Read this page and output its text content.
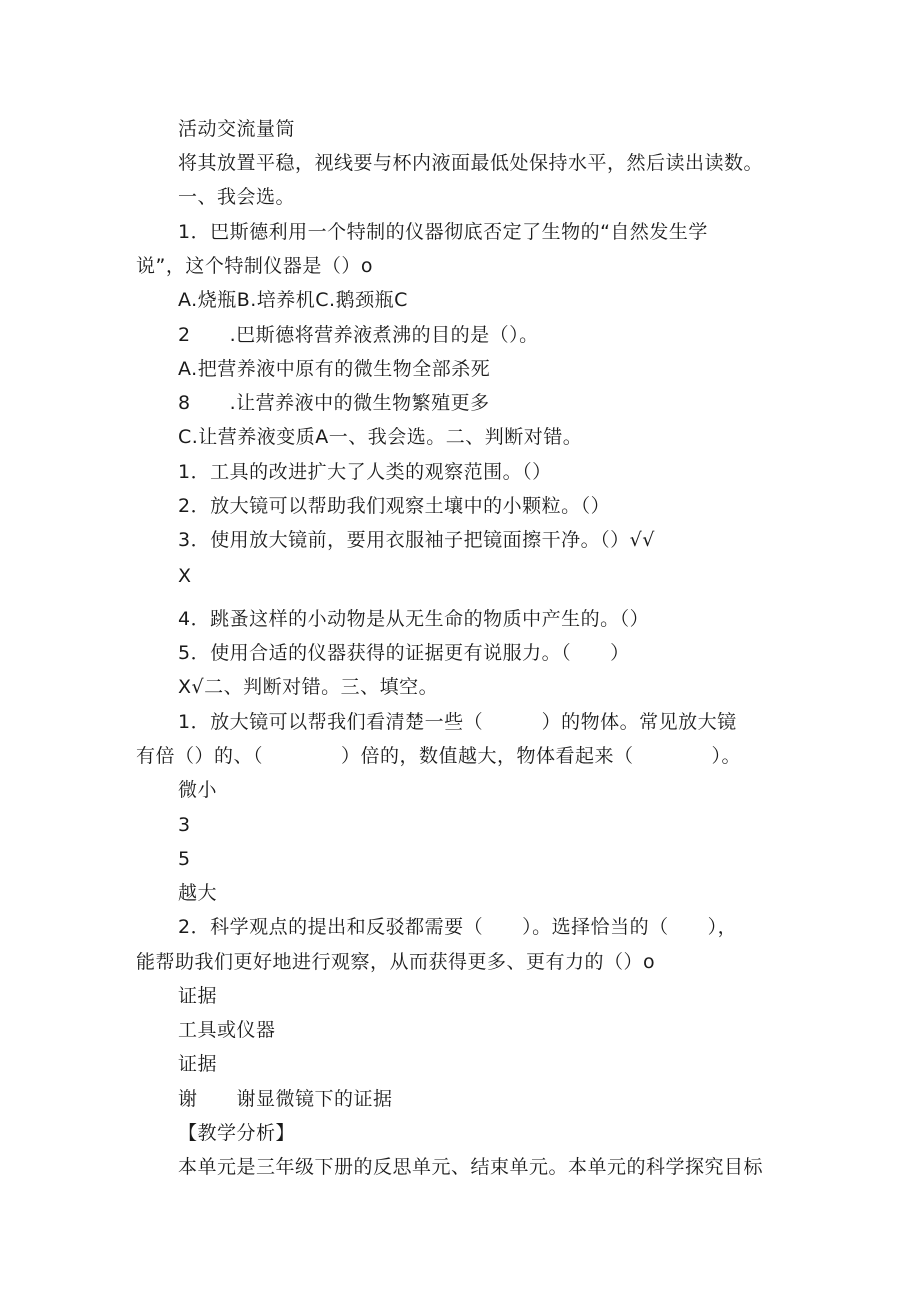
活动交流量筒
将其放置平稳，视线要与杯内液面最低处保持水平，然后读出读数。
一、我会选。
1．巴斯德利用一个特制的仪器彻底否定了生物的“自然发生学
说”，这个特制仪器是（）o
A.烧瓶B.培养机C.鹅颈瓶C
2　　.巴斯德将营养液煮沸的目的是（）。
A.把营养液中原有的微生物全部杀死
8　　.让营养液中的微生物繁殖更多
C.让营养液变质A一、我会选。二、判断对错。
1．工具的改进扩大了人类的观察范围。（）
2．放大镜可以帮助我们观察土壤中的小颗粒。（）
3．使用放大镜前，要用衣服袖子把镜面擦干净。（）√√
X
4．跳蚤这样的小动物是从无生命的物质中产生的。（）
5．使用合适的仪器获得的证据更有说服力。（　　）
X√二、判断对错。三、填空。
1．放大镜可以帮我们看清楚一些（　　　）的物体。常见放大镜
有倍（）的、（　　　　）倍的，数值越大，物体看起来（　　　　）。
微小
3
5
越大
2．科学观点的提出和反驳都需要（　　）。选择恰当的（　　），
能帮助我们更好地进行观察，从而获得更多、更有力的（）o
证据
工具或仪器
证据
谢　　谢显微镜下的证据
【教学分析】
本单元是三年级下册的反思单元、结束单元。本单元的科学探究目标
